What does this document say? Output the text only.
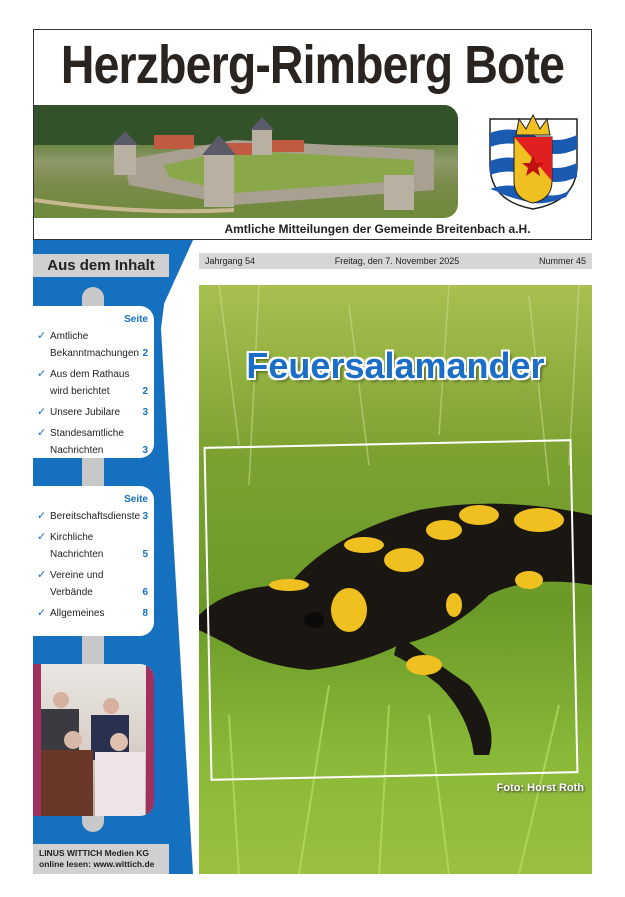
Herzberg-Rimberg Bote
Amtliche Mitteilungen der Gemeinde Breitenbach a.H.
Aus dem Inhalt
Seite
✓ Amtliche Bekanntmachungen 2
✓ Aus dem Rathaus wird berichtet	2
✓ Unsere Jubilare	3
✓ Standesamtliche Nachrichten	3
Seite
✓ Bereitschaftsdienste 3
✓ Kirchliche Nachrichten	5
✓ Vereine und Verbände	6
✓ Allgemeines	8
LINUS WITTICH Medien KG
online lesen: www.wittich.de
Jahrgang 54	Freitag, den 7. November 2025	Nummer 45
Feuersalamander
Foto: Horst Roth
